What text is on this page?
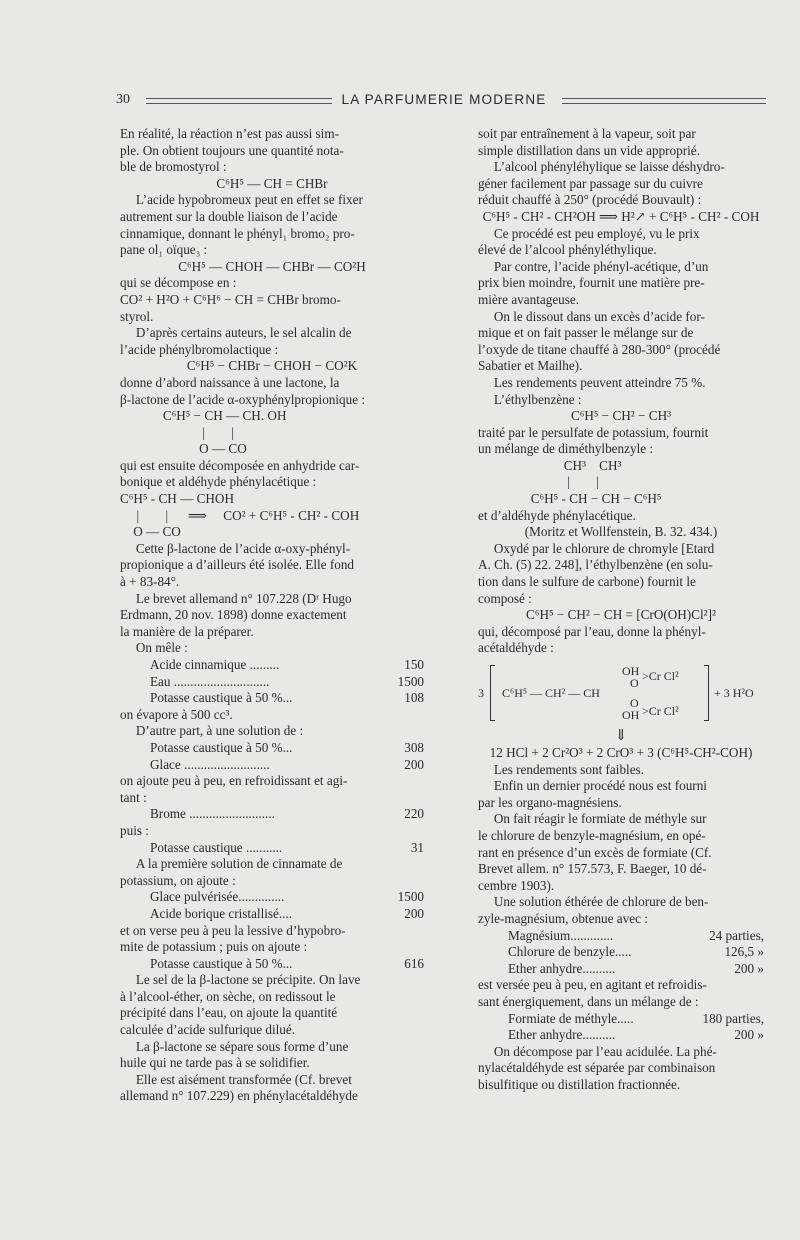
30	LA PARFUMERIE MODERNE

En réalité, la réaction n’est pas aussi sim-

ple. On obtient toujours une quantité nota-

ble de bromostyrol :

C⁶H⁵ — CH = CHBr

L’acide hypobromeux peut en effet se fixer

autrement sur la double liaison de l’acide

cinnamique, donnant le phényl₁ bromo₂ pro-

pane ol₁ oïque₃ :

C⁶H⁵ — CHOH — CHBr — CO²H

qui se décompose en :

CO² + H²O + C⁶H⁶ − CH = CHBr bromo-

styrol.

D’après certains auteurs, le sel alcalin de

l’acide phénylbromolactique :

C⁶H⁵ − CHBr − CHOH − CO²K

donne d’abord naissance à une lactone, la

β-lactone de l’acide α-oxyphénylpropionique :

C⁶H⁵ − CH — CH. OH
|        |
O — CO

qui est ensuite décomposée en anhydride car-

bonique et aldéhyde phénylacétique :

C⁶H⁵ - CH — CHOH
|        |      ⟹     CO² + C⁶H⁵ - CH² - COH
O — CO

Cette β-lactone de l’acide α-oxy-phényl-

propionique a d’ailleurs été isolée. Elle fond

à + 83-84°.

Le brevet allemand n° 107.228 (Dʳ Hugo

Erdmann, 20 nov. 1898) donne exactement

la manière de la préparer.

On mêle :

Acide cinnamique .........	150
Eau .............................	1500
Potasse caustique à 50 %...	108

on évapore à 500 cc³.

D’autre part, à une solution de :

Potasse caustique à 50 %...	308
Glace ..........................	200

on ajoute peu à peu, en refroidissant et agi-

tant :

Brome ..........................	220

puis :

Potasse caustique ...........	31

A la première solution de cinnamate de

potassium, on ajoute :

Glace pulvérisée..............	1500
Acide borique cristallisé....	200

et on verse peu à peu la lessive d’hypobro-

mite de potassium ; puis on ajoute :

Potasse caustique à 50 %...	616

Le sel de la β-lactone se précipite. On lave

à l’alcool-éther, on sèche, on redissout le

précipité dans l’eau, on ajoute la quantité

calculée d’acide sulfurique dilué.

La β-lactone se sépare sous forme d’une

huile qui ne tarde pas à se solidifier.

Elle est aisément transformée (Cf. brevet

allemand n° 107.229) en phénylacétaldéhyde

soit par entraînement à la vapeur, soit par

simple distillation dans un vide approprié.

L’alcool phényléhylique se laisse déshydro-

géner facilement par passage sur du cuivre

réduit chauffé à 250° (procédé Bouvault) :

C⁶H⁵ - CH² - CH²OH ⟹ H²↗ + C⁶H⁵ - CH² - COH

Ce procédé est peu employé, vu le prix

élevé de l’alcool phényléthylique.

Par contre, l’acide phényl-acétique, d’un

prix bien moindre, fournit une matière pre-

mière avantageuse.

On le dissout dans un excès d’acide for-

mique et on fait passer le mélange sur de

l’oxyde de titane chauffé à 280-300° (procédé

Sabatier et Mailhe).

Les rendements peuvent atteindre 75 %.

L’éthylbenzène :

C⁶H⁵ − CH² − CH³

traité par le persulfate de potassium, fournit

un mélange de diméthylbenzyle :

CH³    CH³
|        |
C⁶H⁵ - CH − CH − C⁶H⁵

et d’aldéhyde phénylacétique.

(Moritz et Wollfenstein, B. 32. 434.)

Oxydé par le chlorure de chromyle [Etard

A. Ch. (5) 22. 248], l’éthylbenzène (en solu-

tion dans le sulfure de carbone) fournit le

composé :

C⁶H⁵ − CH² − CH = [CrO(OH)Cl²]²

qui, décomposé par l’eau, donne la phényl-

acétaldéhyde :

3 C⁶H⁵ — CH² — CH
OH
O >Cr Cl²
O
OH >Cr Cl²
+ 3 H²O

⇓

12 HCl + 2 Cr²O³ + 2 CrO³ + 3 (C⁶H⁵-CH²-COH)

Les rendements sont faibles.

Enfin un dernier procédé nous est fourni

par les organo-magnésiens.

On fait réagir le formiate de méthyle sur

le chlorure de benzyle-magnésium, en opé-

rant en présence d’un excès de formiate (Cf.

Brevet allem. n° 157.573, F. Baeger, 10 dé-

cembre 1903).

Une solution éthérée de chlorure de ben-

zyle-magnésium, obtenue avec :

Magnésium.............	24 parties,
Chlorure de benzyle.....	126,5 »
Ether anhydre..........	200 »

est versée peu à peu, en agitant et refroidis-

sant énergiquement, dans un mélange de :

Formiate de méthyle.....	180 parties,
Ether anhydre..........	200 »

On décompose par l’eau acidulée. La phé-

nylacétaldéhyde est séparée par combinaison

bisulfitique ou distillation fractionnée.
